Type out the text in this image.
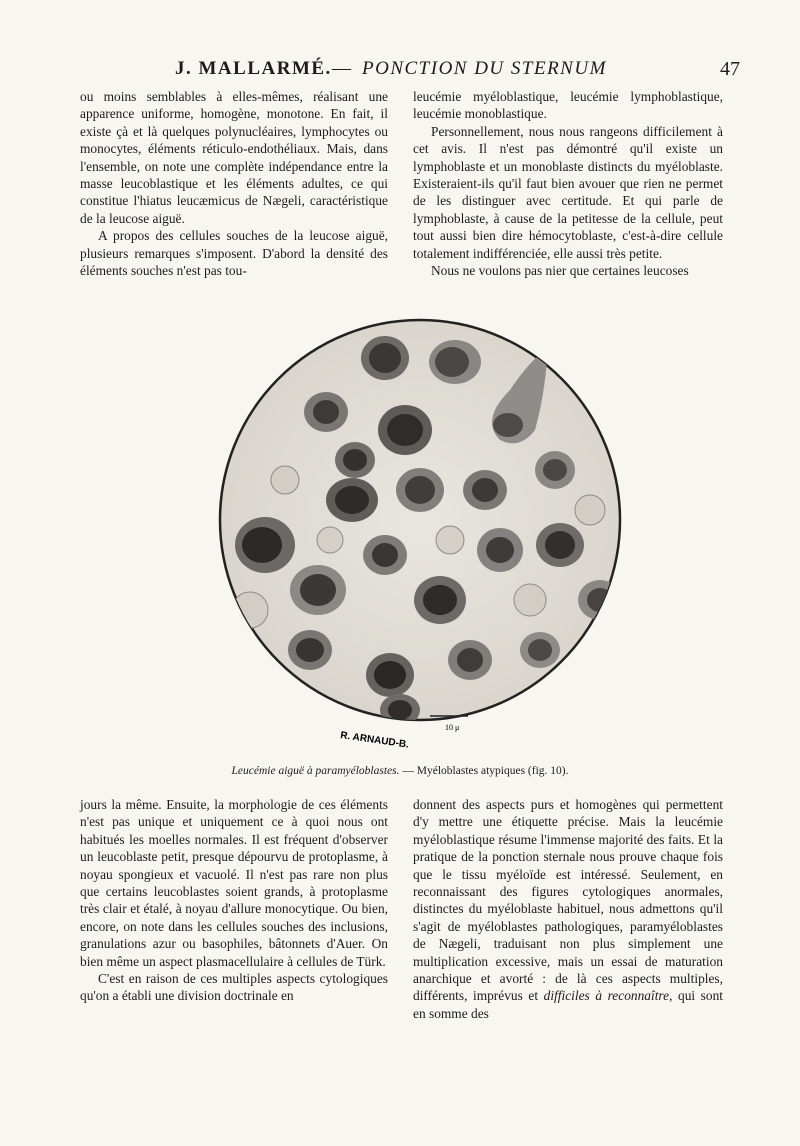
J. MALLARMÉ. — PONCTION DU STERNUM	47

ou moins semblables à elles-mêmes, réalisant une apparence uniforme, homogène, monotone. En fait, il existe çà et là quelques polynucléaires, lymphocytes ou monocytes, éléments réticulo-endothéliaux. Mais, dans l'ensemble, on note une complète indépendance entre la masse leucoblastique et les éléments adultes, ce qui constitue l'hiatus leucæmicus de Nægeli, caractéristique de la leucose aiguë.

A propos des cellules souches de la leucose aiguë, plusieurs remarques s'imposent. D'abord la densité des éléments souches n'est pas tou-

leucémie myéloblastique, leucémie lymphoblastique, leucémie monoblastique.

Personnellement, nous nous rangeons difficilement à cet avis. Il n'est pas démontré qu'il existe un lymphoblaste et un monoblaste distincts du myéloblaste. Existeraient-ils qu'il faut bien avouer que rien ne permet de les distinguer avec certitude. Et qui parle de lymphoblaste, à cause de la petitesse de la cellule, peut tout aussi bien dire hémocytoblaste, c'est-à-dire cellule totalement indifférenciée, elle aussi très petite.

Nous ne voulons pas nier que certaines leucoses

R. ARNAUD-B.
10 μ
Leucémie aiguë à paramyéloblastes. — Myéloblastes atypiques (fig. 10).

jours la même. Ensuite, la morphologie de ces éléments n'est pas unique et uniquement ce à quoi nous ont habitués les moelles normales. Il est fréquent d'observer un leucoblaste petit, presque dépourvu de protoplasme, à noyau spongieux et vacuolé. Il n'est pas rare non plus que certains leucoblastes soient grands, à protoplasme très clair et étalé, à noyau d'allure monocytique. Ou bien, encore, on note dans les cellules souches des inclusions, granulations azur ou basophiles, bâtonnets d'Auer. On bien même un aspect plasmacellulaire à cellules de Türk.

C'est en raison de ces multiples aspects cytologiques qu'on a établi une division doctrinale en

donnent des aspects purs et homogènes qui permettent d'y mettre une étiquette précise. Mais la leucémie myéloblastique résume l'immense majorité des faits. Et la pratique de la ponction sternale nous prouve chaque fois que le tissu myéloïde est intéressé. Seulement, en reconnaissant des figures cytologiques anormales, distinctes du myéloblaste habituel, nous admettons qu'il s'agit de myéloblastes pathologiques, paramyéloblastes de Nægeli, traduisant non plus simplement une multiplication excessive, mais un essai de maturation anarchique et avorté : de là ces aspects multiples, différents, imprévus et difficiles à reconnaître, qui sont en somme des
